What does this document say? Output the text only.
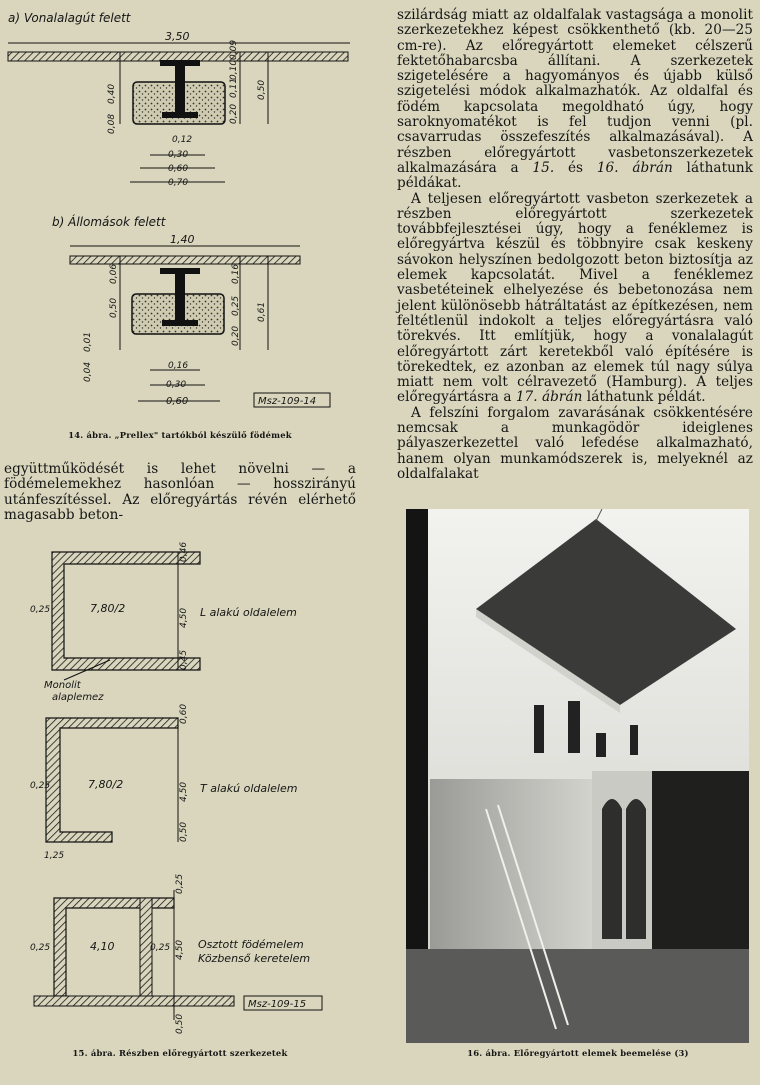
a) Vonalalagút felett
3,50
0,40
0,08
0,09
0,11
0,10
0,20
0,50
0,12
0,30
0,60
0,70
b) Állomások felett
1,40
0,06
0,50
0,01
0,04
0,16
0,25
0,20
0,61
0,16
0,30
0,60	Msz-109-14
14. ábra. „Prellex" tartókból készülő födémek

együttműködését is lehet növelni — a födémelemekhez hasonlóan — hosszirányú utánfeszítéssel. Az előregyártás révén elérhető magasabb beton-

7,80/2
0,25
0,46
4,50
0,45
L alakú oldalelem
Monolit
alaplemez
7,80/2
0,25
0,60
4,50
0,50
T alakú oldalelem
1,25
4,10
0,25	0,25
0,25
4,50
0,50
Osztott födémelem
Közbenső keretelem
Msz-109-15
15. ábra. Részben előregyártott szerkezetek

szilárdság miatt az oldalfalak vastagsága a monolit szerkezetekhez képest csökkenthető (kb. 20—25 cm-re). Az előregyártott elemeket célszerű fektetőhabarcsba állítani. A szerkezetek szigetelésére a hagyományos és újabb külső szigetelési módok alkalmazhatók. Az oldalfal és födém kapcsolata megoldható úgy, hogy saroknyomatékot is fel tudjon venni (pl. csavarrudas összefeszítés alkalmazásával). A részben előregyártott vasbetonszerkezetek alkalmazására a 15. és 16. ábrán láthatunk példákat.

A teljesen előregyártott vasbeton szerkezetek a részben előregyártott szerkezetek továbbfejlesztései úgy, hogy a fenéklemez is előregyártva készül és többnyire csak keskeny sávokon helyszínen bedolgozott beton biztosítja az elemek kapcsolatát. Mivel a fenéklemez vasbetéteinek elhelyezése és bebetonozása nem jelent különösebb hátráltatást az építkezésen, nem feltétlenül indokolt a teljes előregyártásra való törekvés. Itt említjük, hogy a vonalalagút előregyártott zárt keretekből való építésére is törekedtek, ez azonban az elemek túl nagy súlya miatt nem volt célravezető (Hamburg). A teljes előregyártásra a 17. ábrán láthatunk példát.

A felszíni forgalom zavarásának csökkentésére nemcsak a munkagödör ideiglenes pályaszerkezettel való lefedése alkalmazható, hanem olyan munkamódszerek is, melyeknél az oldalfalakat

16. ábra. Előregyártott elemek beemelése (3)
